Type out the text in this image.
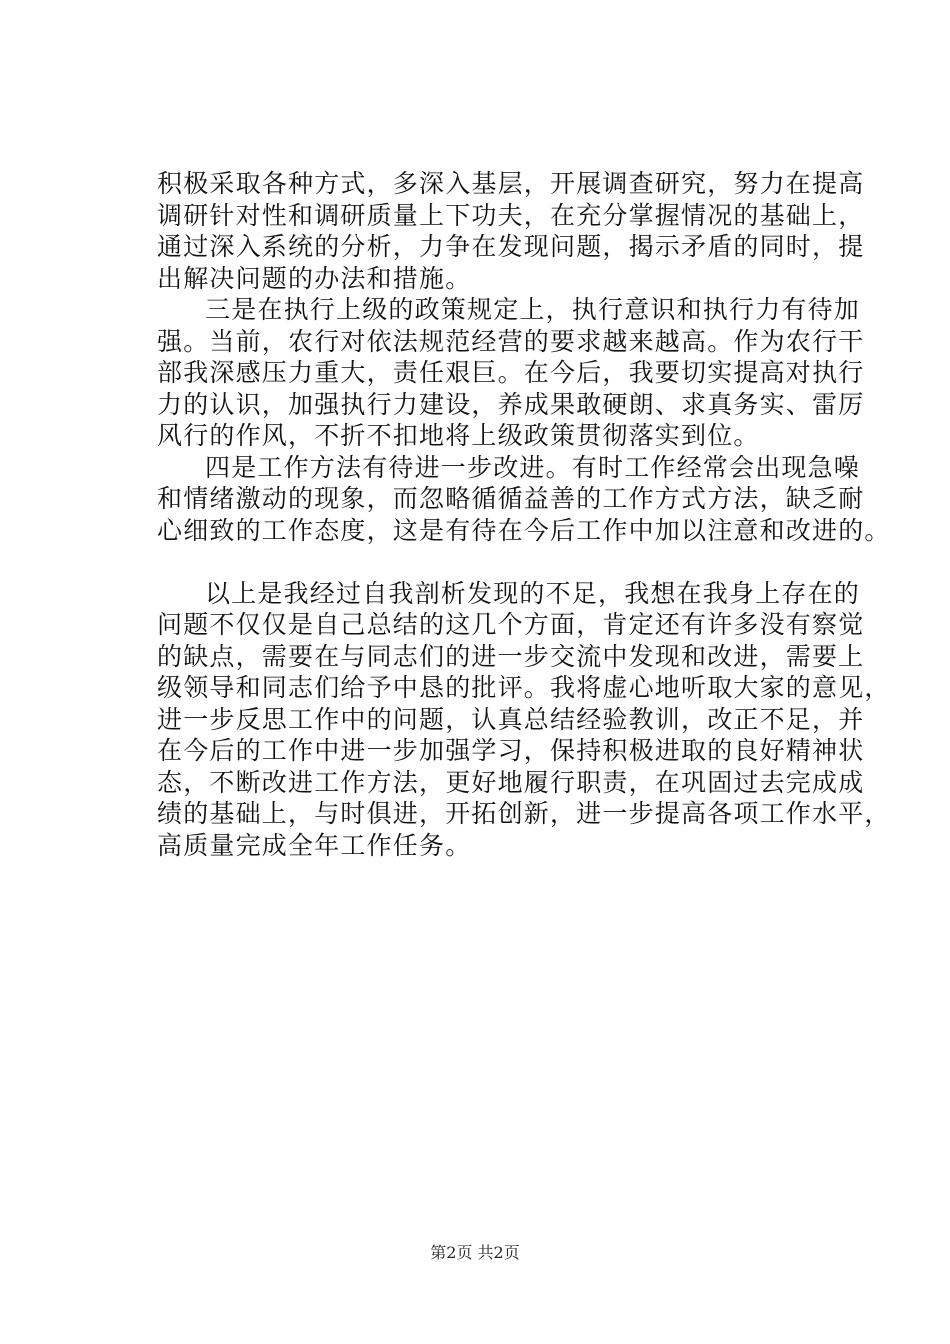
积极采取各种方式，多深入基层，开展调查研究，努力在提高
调研针对性和调研质量上下功夫，在充分掌握情况的基础上，
通过深入系统的分析，力争在发现问题，揭示矛盾的同时，提
出解决问题的办法和措施。
三是在执行上级的政策规定上，执行意识和执行力有待加
强。当前，农行对依法规范经营的要求越来越高。作为农行干
部我深感压力重大，责任艰巨。在今后，我要切实提高对执行
力的认识，加强执行力建设，养成果敢硬朗、求真务实、雷厉
风行的作风，不折不扣地将上级政策贯彻落实到位。
四是工作方法有待进一步改进。有时工作经常会出现急噪
和情绪激动的现象，而忽略循循益善的工作方式方法，缺乏耐
心细致的工作态度，这是有待在今后工作中加以注意和改进的。
以上是我经过自我剖析发现的不足，我想在我身上存在的
问题不仅仅是自己总结的这几个方面，肯定还有许多没有察觉
的缺点，需要在与同志们的进一步交流中发现和改进，需要上
级领导和同志们给予中恳的批评。我将虚心地听取大家的意见，
进一步反思工作中的问题，认真总结经验教训，改正不足，并
在今后的工作中进一步加强学习，保持积极进取的良好精神状
态，不断改进工作方法，更好地履行职责，在巩固过去完成成
绩的基础上，与时俱进，开拓创新，进一步提高各项工作水平，
高质量完成全年工作任务。
第2页 共2页
